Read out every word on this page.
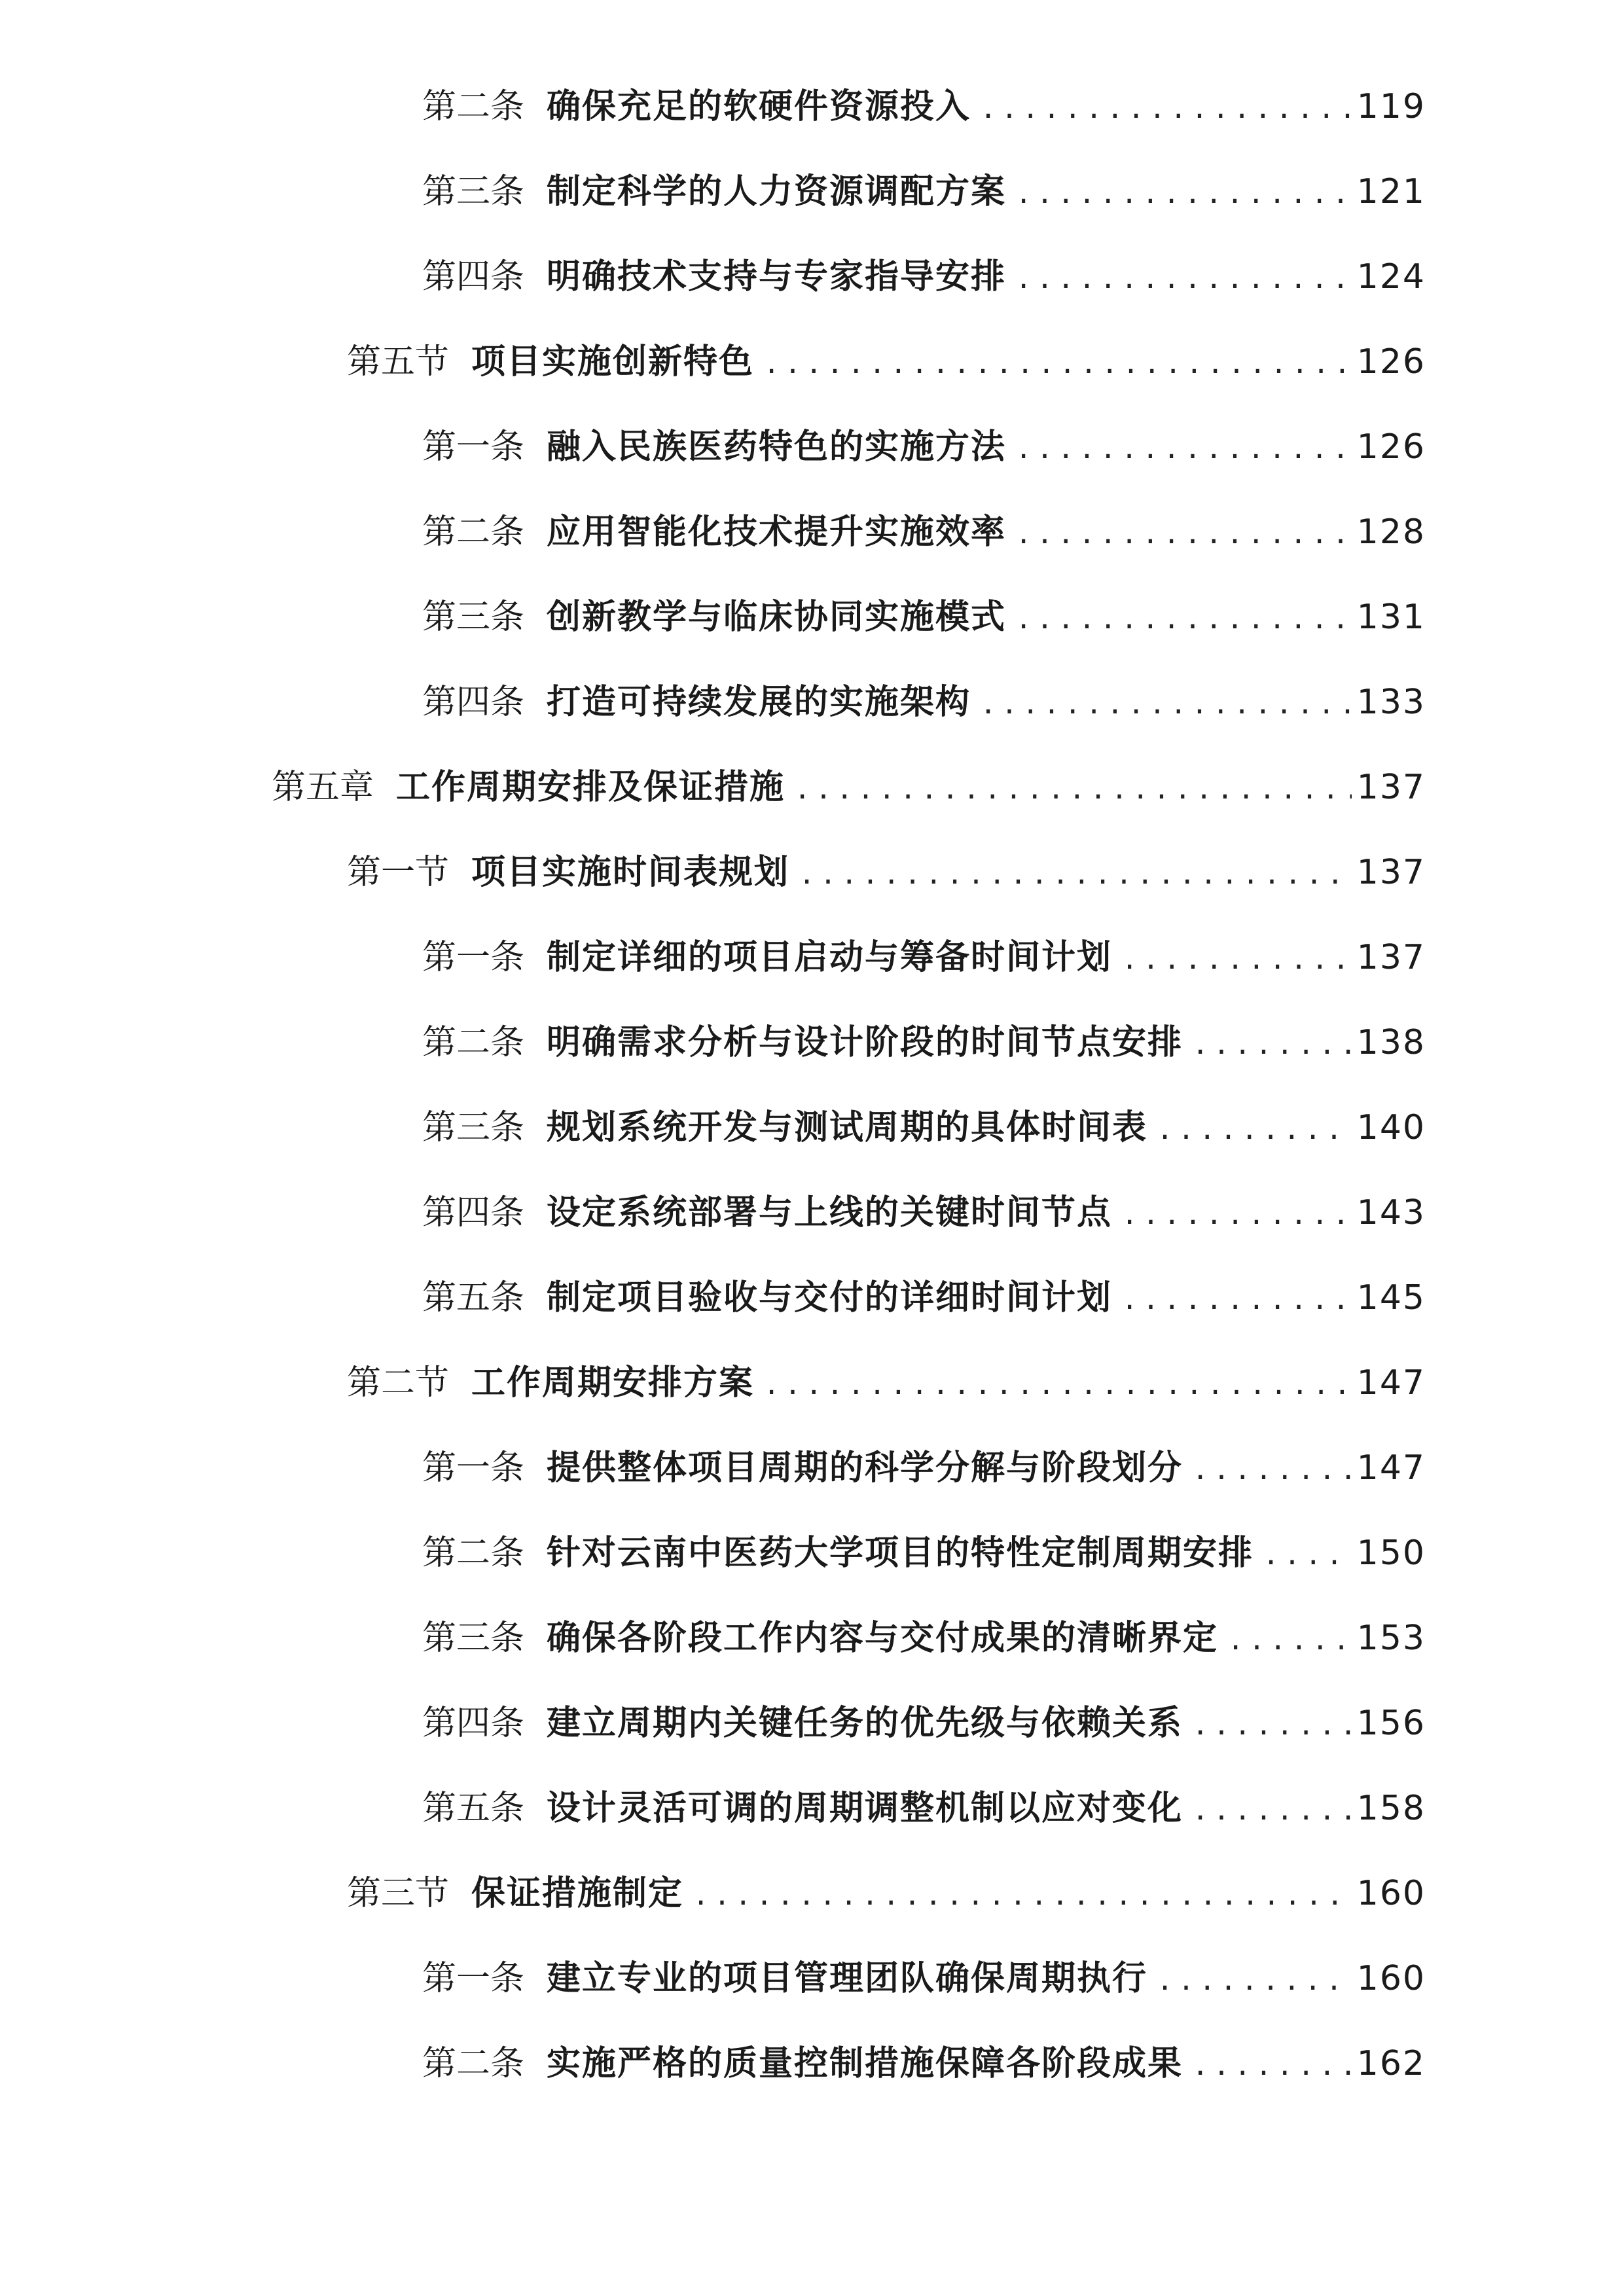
第二条 确保充足的软硬件资源投入 .....	119
第三条 制定科学的人力资源调配方案 .....	121
第四条 明确技术支持与专家指导安排 .....	124
第五节 项目实施创新特色 .....	126
第一条 融入民族医药特色的实施方法 .....	126
第二条 应用智能化技术提升实施效率 .....	128
第三条 创新教学与临床协同实施模式 .....	131
第四条 打造可持续发展的实施架构 .....	133
第五章 工作周期安排及保证措施 .....	137
第一节 项目实施时间表规划 .....	137
第一条 制定详细的项目启动与筹备时间计划 .....	137
第二条 明确需求分析与设计阶段的时间节点安排 .....	138
第三条 规划系统开发与测试周期的具体时间表 .....	140
第四条 设定系统部署与上线的关键时间节点 .....	143
第五条 制定项目验收与交付的详细时间计划 .....	145
第二节 工作周期安排方案 .....	147
第一条 提供整体项目周期的科学分解与阶段划分 .....	147
第二条 针对云南中医药大学项目的特性定制周期安排 .....	150
第三条 确保各阶段工作内容与交付成果的清晰界定 .....	153
第四条 建立周期内关键任务的优先级与依赖关系 .....	156
第五条 设计灵活可调的周期调整机制以应对变化 .....	158
第三节 保证措施制定 .....	160
第一条 建立专业的项目管理团队确保周期执行 .....	160
第二条 实施严格的质量控制措施保障各阶段成果 .....	162
